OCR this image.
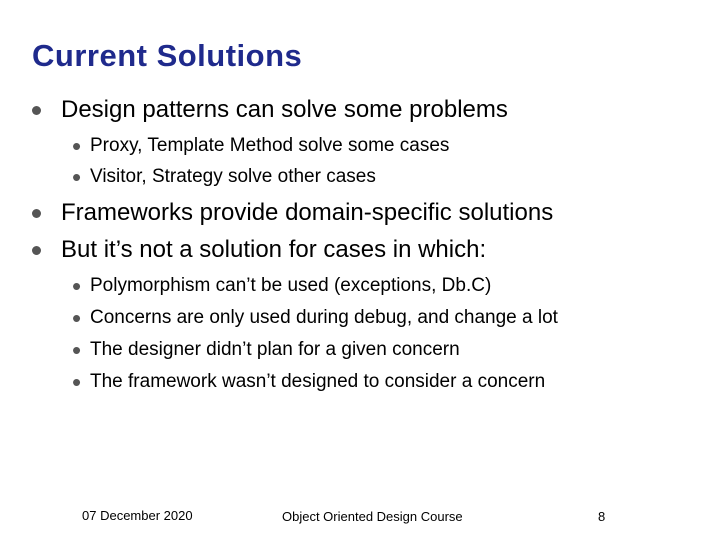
Current Solutions
Design patterns can solve some problems
• Proxy, Template Method solve some cases
• Visitor, Strategy solve other cases
Frameworks provide domain-specific solutions
But it’s not a solution for cases in which:
• Polymorphism can’t be used (exceptions, Db.C)
• Concerns are only used during debug, and change a lot
• The designer didn’t plan for a given concern
• The framework wasn’t designed to consider a concern
07 December 2020	Object Oriented Design Course	8
